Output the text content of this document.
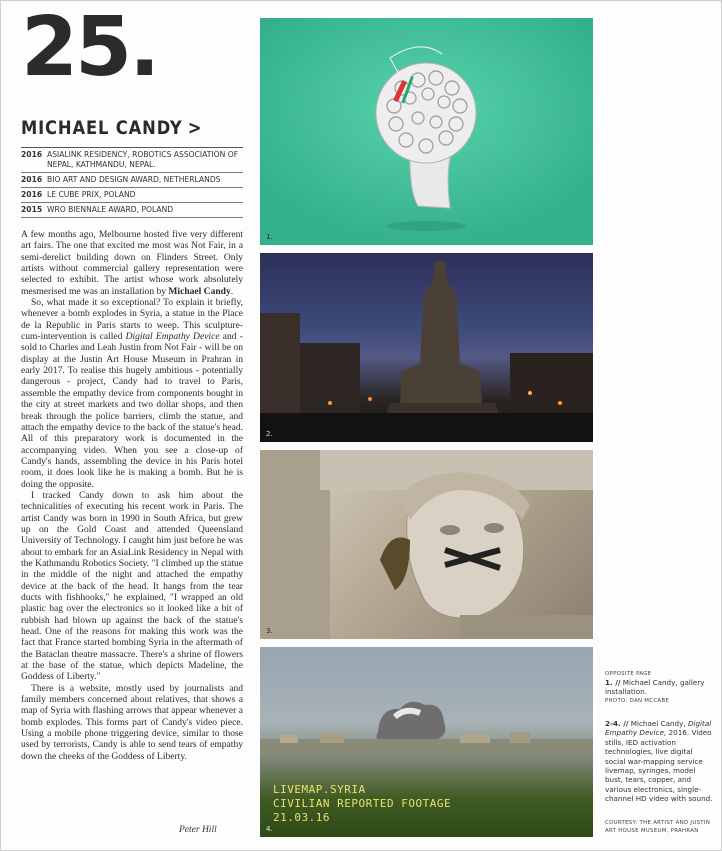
25.
MICHAEL CANDY >
2016 ASIALINK RESIDENCY, ROBOTICS ASSOCIATION OF NEPAL, KATHMANDU, NEPAL.
2016 BIO ART AND DESIGN AWARD, NETHERLANDS
2016 LE CUBE PRIX, POLAND
2015 WRO BIENNALE AWARD, POLAND

A few months ago, Melbourne hosted five very different art fairs. The one that excited me most was Not Fair, in a semi-derelict building down on Flinders Street. Only artists without commercial gallery representation were selected to exhibit. The artist whose work absolutely mesmerised me was an installation by Michael Candy.

So, what made it so exceptional? To explain it briefly, whenever a bomb explodes in Syria, a statue in the Place de la Republic in Paris starts to weep. This sculpture-cum-intervention is called Digital Empathy Device and - sold to Charles and Leah Justin from Not Fair - will be on display at the Justin Art House Museum in Prahran in early 2017. To realise this hugely ambitious - potentially dangerous - project, Candy had to travel to Paris, assemble the empathy device from components bought in the city at street markets and two dollar shops, and then break through the police barriers, climb the statue, and attach the empathy device to the back of the statue's head. All of this preparatory work is documented in the accompanying video. When you see a close-up of Candy's hands, assembling the device in his Paris hotel room, it does look like he is making a bomb. But he is doing the opposite.

I tracked Candy down to ask him about the technicalities of executing his recent work in Paris. The artist Candy was born in 1990 in South Africa, but grew up on the Gold Coast and attended Queensland University of Technology. I caught him just before he was about to embark for an AsiaLink Residency in Nepal with the Kathmandu Robotics Society. "I climbed up the statue in the middle of the night and attached the empathy device at the back of the head. It hangs from the tear ducts with fishhooks," he explained, "I wrapped an old plastic bag over the electronics so it looked like a bit of rubbish had blown up against the back of the statue's head. One of the reasons for making this work was the fact that France started bombing Syria in the aftermath of the Bataclan theatre massacre. There's a shrine of flowers at the base of the statue, which depicts Madeline, the Goddess of Liberty."

There is a website, mostly used by journalists and family members concerned about relatives, that shows a map of Syria with flashing arrows that appear whenever a bomb explodes. This forms part of Candy's video piece. Using a mobile phone triggering device, similar to those used by terrorists, Candy is able to send tears of empathy down the cheeks of the Goddess of Liberty.

Peter Hill
1.
2.
3.
LIVEMAP.SYRIA
CIVILIAN REPORTED FOOTAGE
21.03.16
4.
OPPOSITE PAGE
1. // Michael Candy, gallery installation.
PHOTO: DAN MCCABE
2-4. // Michael Candy, Digital Empathy Device, 2016. Video stills, IED activation technologies, live digital social war-mapping service livemap, syringes, model bust, tears, copper, and various electronics, single-channel HD video with sound.
COURTESY: THE ARTIST AND JUSTIN ART HOUSE MUSEUM, PRAHRAN
